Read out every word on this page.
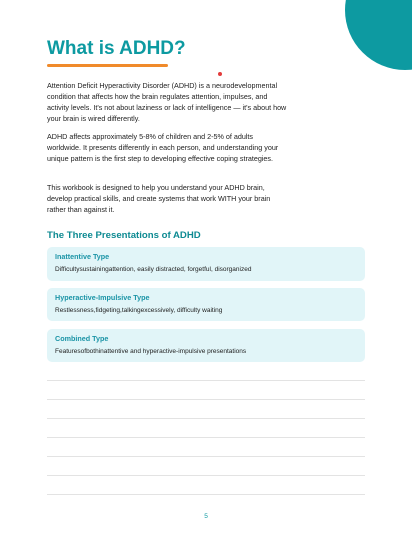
What is ADHD?

Attention Deficit Hyperactivity Disorder (ADHD) is a neurodevelopmental condition that affects how the brain regulates attention, impulses, and activity levels. It's not about laziness or lack of intelligence — it's about how your brain is wired differently.

ADHD affects approximately 5-8% of children and 2-5% of adults worldwide. It presents differently in each person, and understanding your unique pattern is the first step to developing effective coping strategies.

This workbook is designed to help you understand your ADHD brain, develop practical skills, and create systems that work WITH your brain rather than against it.

The Three Presentations of ADHD
Inattentive Type
Difficultysustainingattention, easily distracted, forgetful, disorganized
Hyperactive-Impulsive Type
Restlessness,fidgeting,talkingexcessively, difficulty waiting
Combined Type
Featuresofbothinattentive and hyperactive-impulsive presentations
5
